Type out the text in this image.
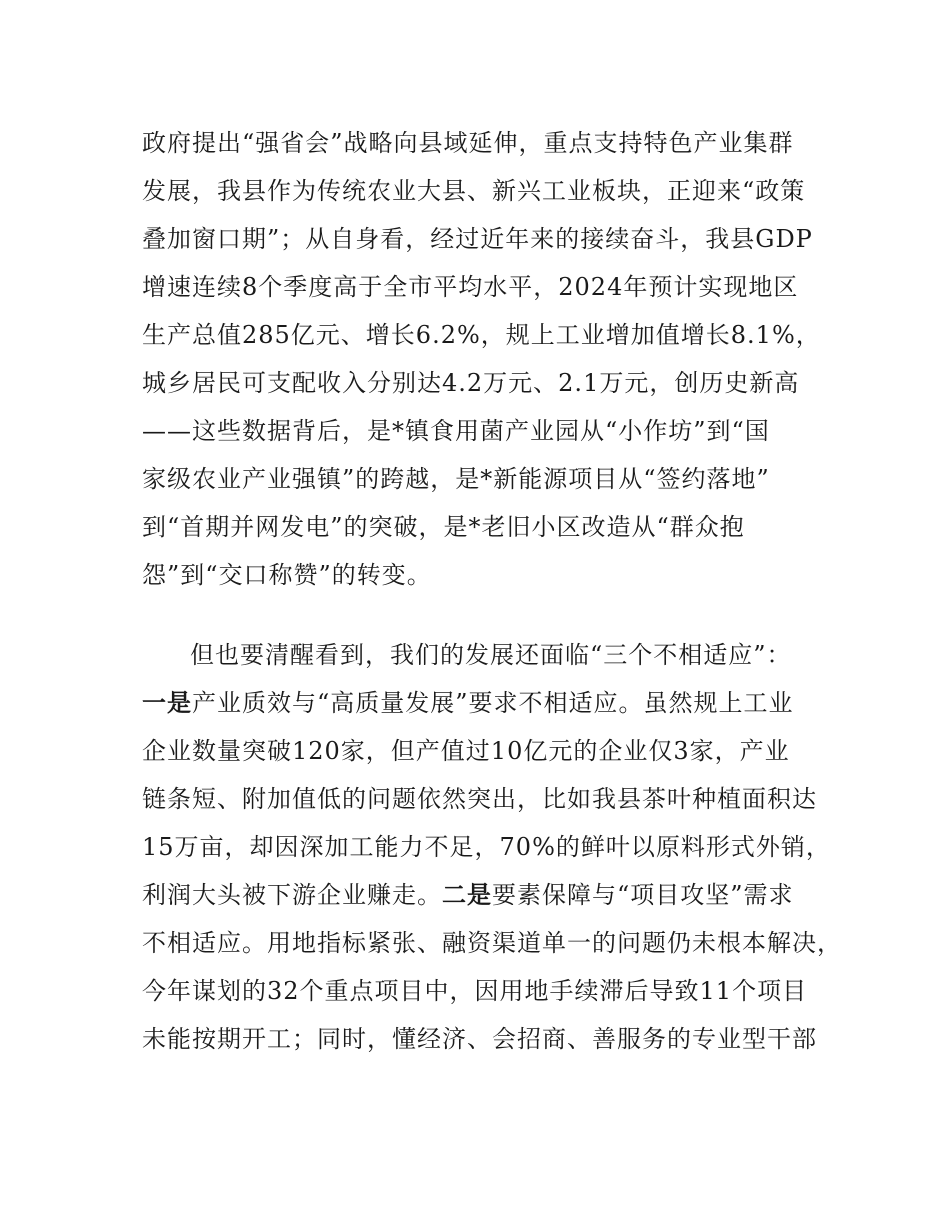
政府提出“强省会”战略向县域延伸，重点支持特色产业集群
发展，我县作为传统农业大县、新兴工业板块，正迎来“政策
叠加窗口期”；从自身看，经过近年来的接续奋斗，我县GDP
增速连续8个季度高于全市平均水平，2024年预计实现地区
生产总值285亿元、增长6.2%，规上工业增加值增长8.1%，
城乡居民可支配收入分别达4.2万元、2.1万元，创历史新高
——这些数据背后，是*镇食用菌产业园从“小作坊”到“国
家级农业产业强镇”的跨越，是*新能源项目从“签约落地”
到“首期并网发电”的突破，是*老旧小区改造从“群众抱
怨”到“交口称赞”的转变。
但也要清醒看到，我们的发展还面临“三个不相适应”：
一是产业质效与“高质量发展”要求不相适应。虽然规上工业
企业数量突破120家，但产值过10亿元的企业仅3家，产业
链条短、附加值低的问题依然突出，比如我县茶叶种植面积达
15万亩，却因深加工能力不足，70%的鲜叶以原料形式外销，
利润大头被下游企业赚走。二是要素保障与“项目攻坚”需求
不相适应。用地指标紧张、融资渠道单一的问题仍未根本解决，
今年谋划的32个重点项目中，因用地手续滞后导致11个项目
未能按期开工；同时，懂经济、会招商、善服务的专业型干部
